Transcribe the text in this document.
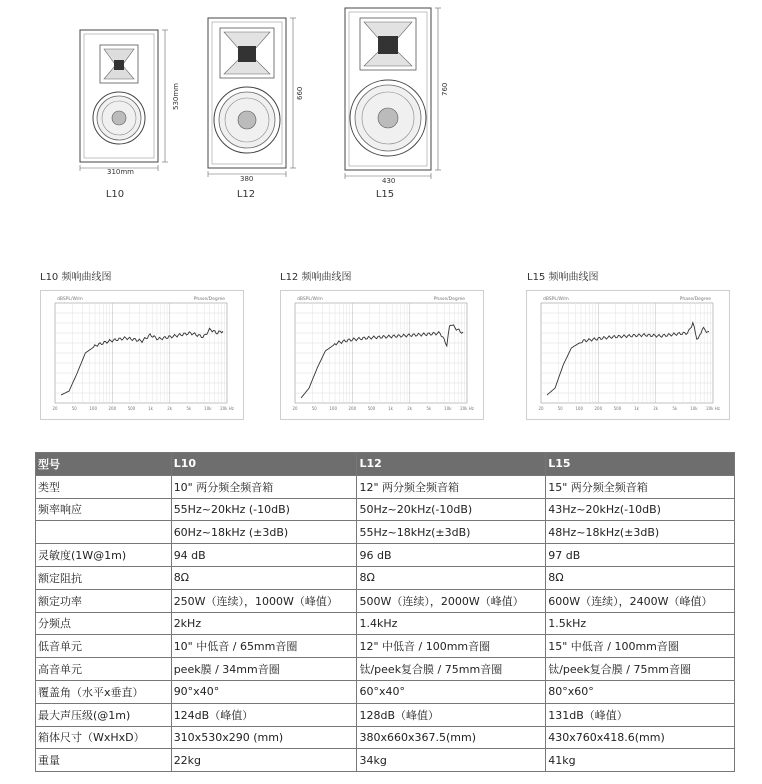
310mm
530mm
380
660
430
760
L10	L12	L15
L10 频响曲线图	L12 频响曲线图	L15 频响曲线图
dBSPL/W/m	Phase/Degree
20	50	100	200	500	1k	2k	5k	10k 20k Hz
dBSPL/W/m	Phase/Degree
20	50	100	200	500	1k	2k	5k	10k 20k Hz
dBSPL/W/m	Phase/Degree
20	50	100	200	500	1k	2k	5k	10k 20k Hz
型号	L10	L12	L15
类型	10" 两分频全频音箱	12" 两分频全频音箱	15" 两分频全频音箱
频率响应	55Hz~20kHz (-10dB)	50Hz~20kHz(-10dB)	43Hz~20kHz(-10dB)
	60Hz~18kHz (±3dB)	55Hz~18kHz(±3dB)	48Hz~18kHz(±3dB)
灵敏度(1W@1m)	94 dB	96 dB	97 dB
额定阻抗	8Ω	8Ω	8Ω
额定功率	250W（连续），1000W（峰值）	500W（连续），2000W（峰值）	600W（连续），2400W（峰值）
分频点	2kHz	1.4kHz	1.5kHz
低音单元	10" 中低音 / 65mm音圈	12" 中低音 / 100mm音圈	15" 中低音 / 100mm音圈
高音单元	peek膜 / 34mm音圈	钛/peek复合膜 / 75mm音圈	钛/peek复合膜 / 75mm音圈
覆盖角（水平x垂直）	90°x40°	60°x40°	80°x60°
最大声压级(@1m)	124dB（峰值）	128dB（峰值）	131dB（峰值）
箱体尺寸（WxHxD）	310x530x290 (mm)	380x660x367.5(mm)	430x760x418.6(mm)
重量	22kg	34kg	41kg
